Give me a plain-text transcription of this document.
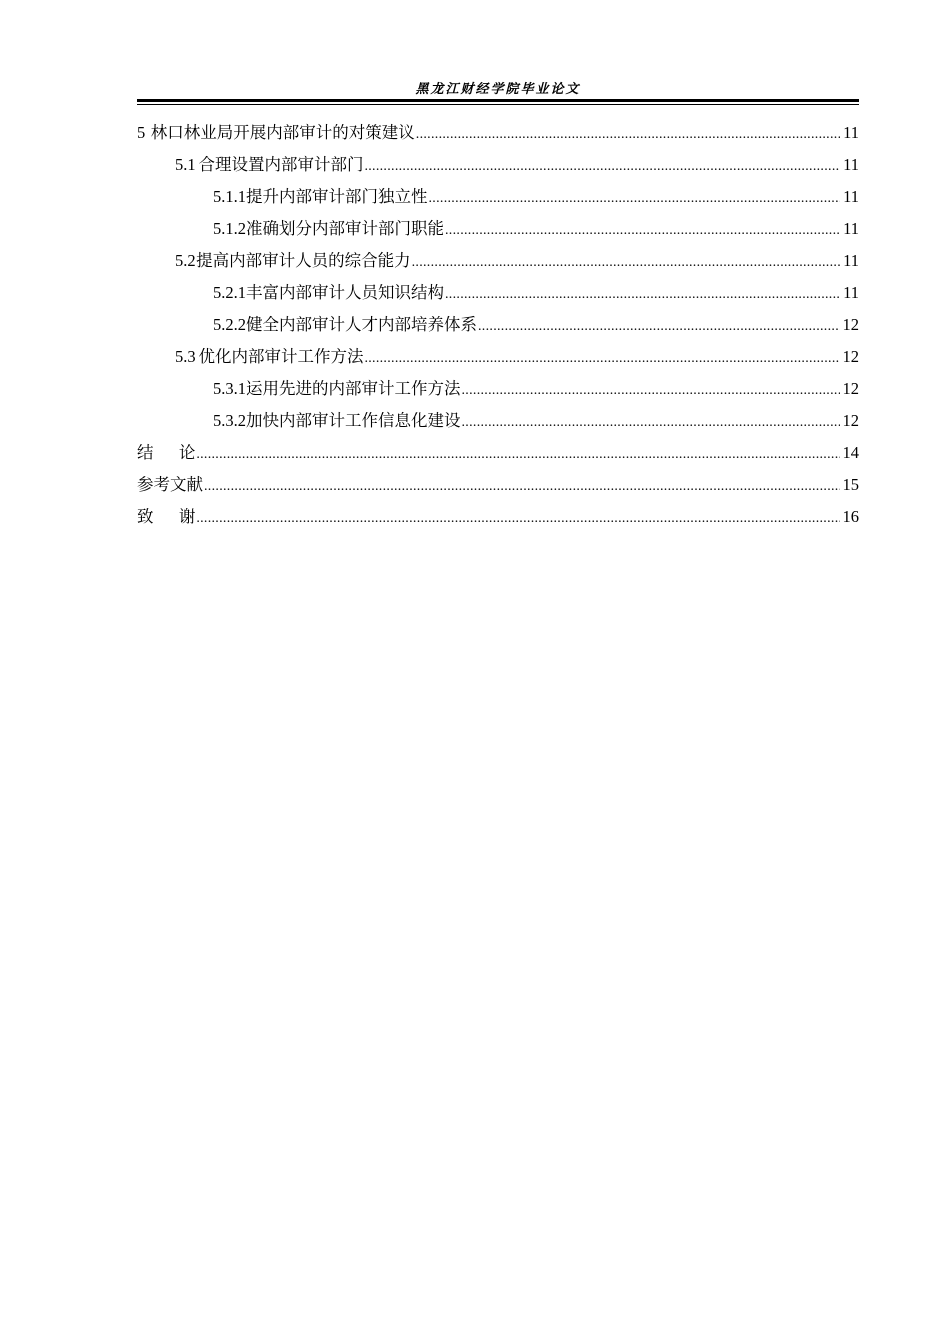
黑龙江财经学院毕业论文
5 林口林业局开展内部审计的对策建议 .....	11
5.1 合理设置内部审计部门 .....	11
5.1.1 提升内部审计部门独立性 .....	11
5.1.2 准确划分内部审计部门职能 .....	11
5.2 提高内部审计人员的综合能力 .....	11
5.2.1 丰富内部审计人员知识结构 .....	11
5.2.2 健全内部审计人才内部培养体系 .....	12
5.3 优化内部审计工作方法 .....	12
5.3.1 运用先进的内部审计工作方法 .....	12
5.3.2 加快内部审计工作信息化建设 .....	12
结	论 .....	14
参考文献 .....	15
致	谢 .....	16
